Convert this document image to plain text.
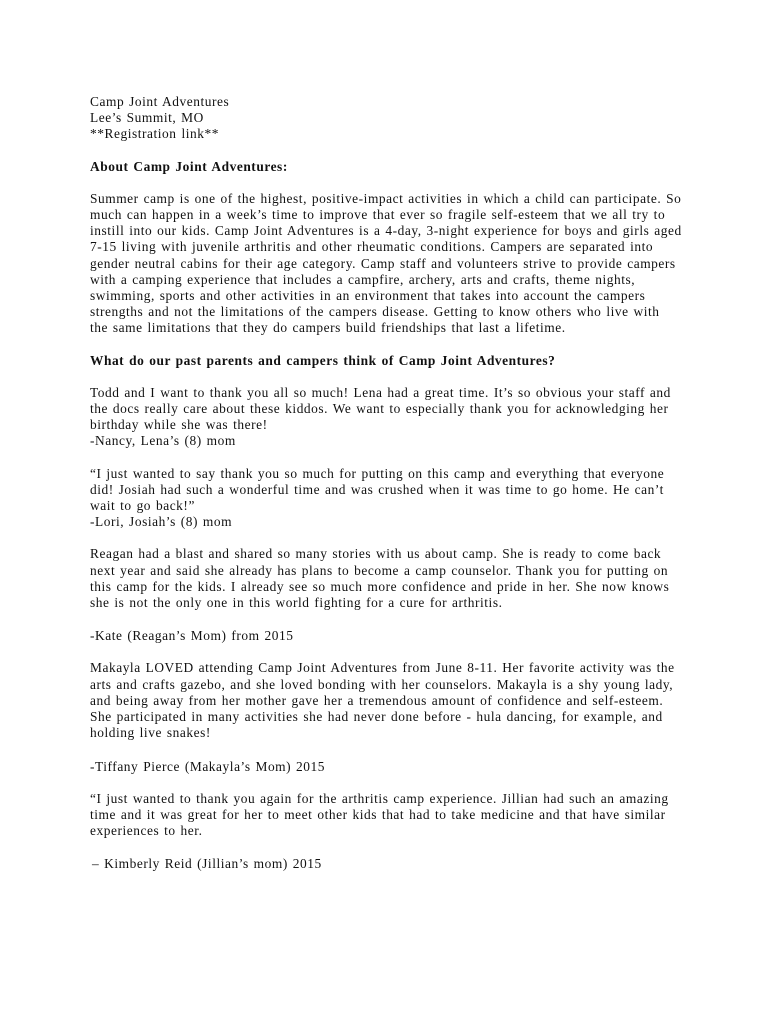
Camp Joint Adventures
Lee’s Summit, MO
**Registration link**

About Camp Joint Adventures:

Summer camp is one of the highest, positive-impact activities in which a child can participate. So much can happen in a week’s time to improve that ever so fragile self-esteem that we all try to instill into our kids. Camp Joint Adventures is a 4-day, 3-night experience for boys and girls aged 7-15 living with juvenile arthritis and other rheumatic conditions. Campers are separated into gender neutral cabins for their age category. Camp staff and volunteers strive to provide campers with a camping experience that includes a campfire, archery, arts and crafts, theme nights, swimming, sports and other activities in an environment that takes into account the campers strengths and not the limitations of the campers disease. Getting to know others who live with the same limitations that they do campers build friendships that last a lifetime.

What do our past parents and campers think of Camp Joint Adventures?

Todd and I want to thank you all so much! Lena had a great time. It’s so obvious your staff and the docs really care about these kiddos. We want to especially thank you for acknowledging her birthday while she was there!

-Nancy, Lena’s (8) mom

“I just wanted to say thank you so much for putting on this camp and everything that everyone did! Josiah had such a wonderful time and was crushed when it was time to go home. He can’t wait to go back!”

-Lori, Josiah’s (8) mom

Reagan had a blast and shared so many stories with us about camp. She is ready to come back next year and said she already has plans to become a camp counselor. Thank you for putting on this camp for the kids. I already see so much more confidence and pride in her. She now knows she is not the only one in this world fighting for a cure for arthritis.

-Kate (Reagan’s Mom) from 2015

Makayla LOVED attending Camp Joint Adventures from June 8-11. Her favorite activity was the arts and crafts gazebo, and she loved bonding with her counselors. Makayla is a shy young lady, and being away from her mother gave her a tremendous amount of confidence and self-esteem. She participated in many activities she had never done before - hula dancing, for example, and holding live snakes!

-Tiffany Pierce (Makayla’s Mom) 2015

“I just wanted to thank you again for the arthritis camp experience. Jillian had such an amazing time and it was great for her to meet other kids that had to take medicine and that have similar experiences to her.

– Kimberly Reid (Jillian’s mom) 2015
